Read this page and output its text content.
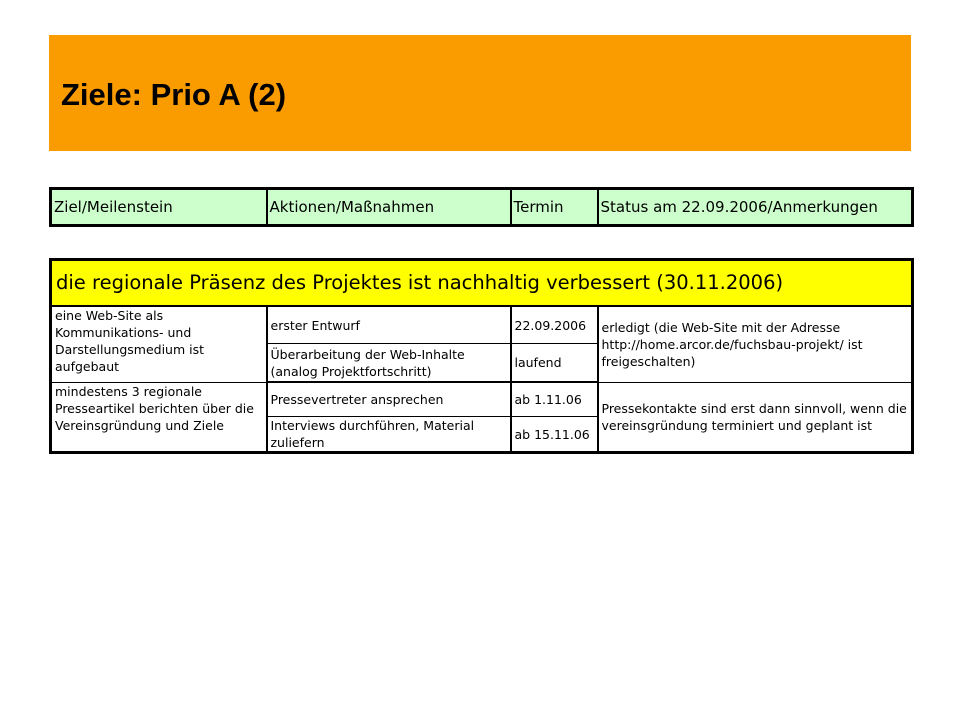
Ziele: Prio A (2)
Ziel/Meilenstein	Aktionen/Maßnahmen	Termin	Status am 22.09.2006/Anmerkungen
die regionale Präsenz des Projektes ist nachhaltig verbessert (30.11.2006)			
eine Web-Site als Kommunikations- und Darstellungsmedium ist aufgebaut	erster Entwurf	22.09.2006	erledigt (die Web-Site mit der Adresse http://home.arcor.de/fuchsbau-projekt/ ist freigeschalten)
	Überarbeitung der Web-Inhalte (analog Projektfortschritt)	laufend	
mindestens 3 regionale Presseartikel berichten über die Vereinsgründung und Ziele	Pressevertreter ansprechen	ab 1.11.06	Pressekontakte sind erst dann sinnvoll, wenn die vereinsgründung terminiert und geplant ist
	Interviews durchführen, Material zuliefern	ab 15.11.06	
